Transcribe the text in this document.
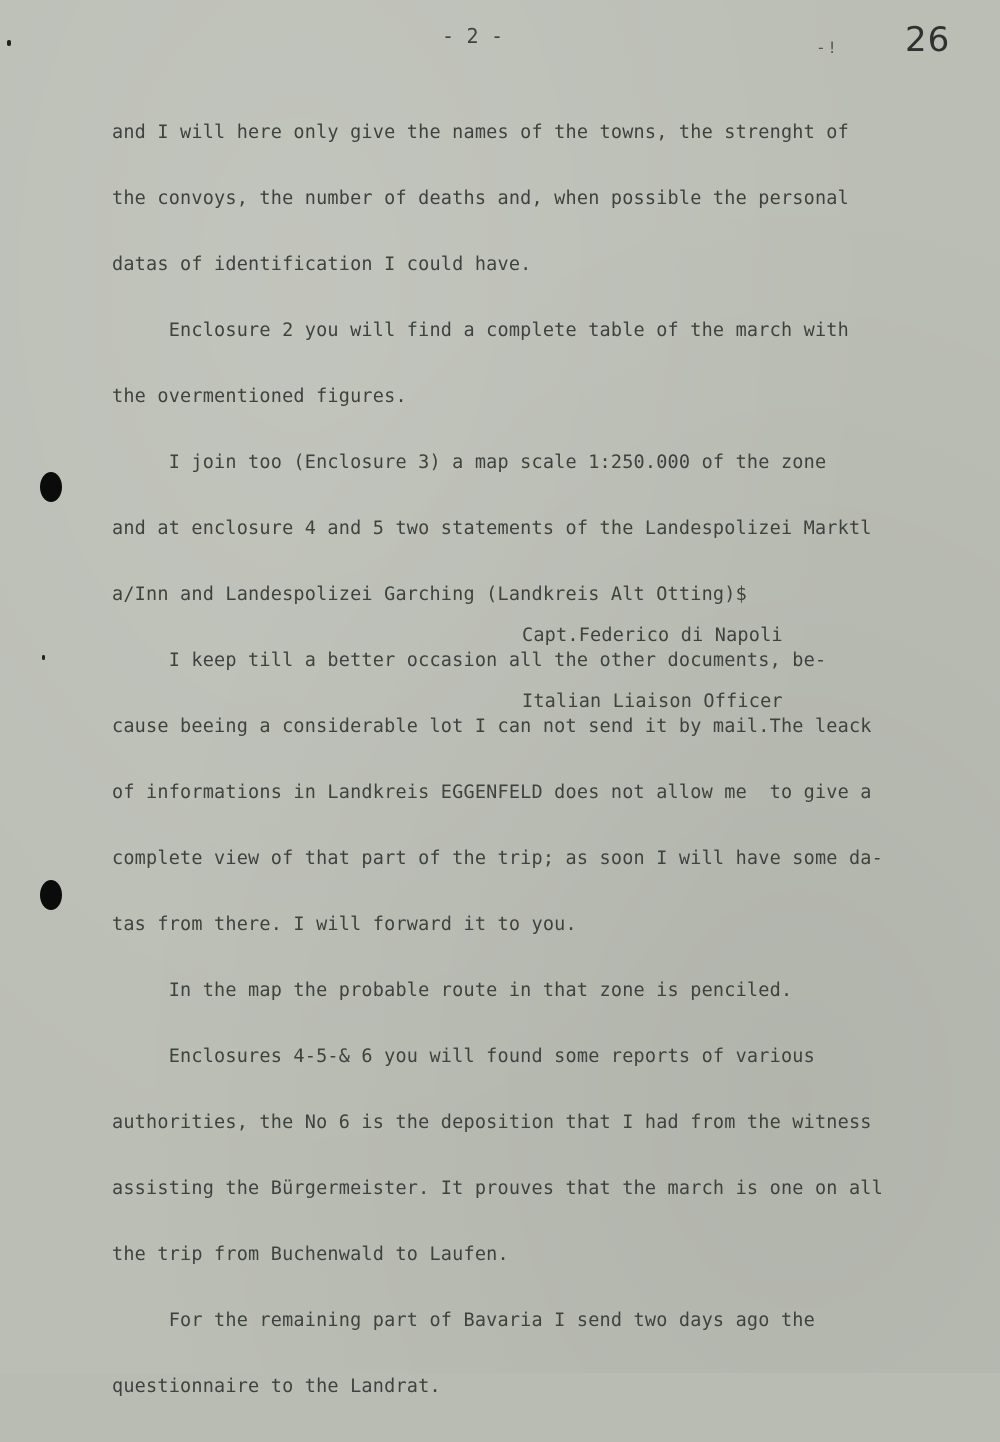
- 2 -	- ! 26

and I will here only give the names of the towns, the strenght of

the convoys, the number of deaths and, when possible the personal

datas of identification I could have.

Enclosure 2 you will find a complete table of the march with

the overmentioned figures.

I join too (Enclosure 3) a map scale 1:250.000 of the zone

and at enclosure 4 and 5 two statements of the Landespolizei Marktl

a/Inn and Landespolizei Garching (Landkreis Alt Otting)$

I keep till a better occasion all the other documents, be-

cause beeing a considerable lot I can not send it by mail.The leack

of informations in Landkreis EGGENFELD does not allow me  to give a

complete view of that part of the trip; as soon I will have some da-

tas from there. I will forward it to you.

In the map the probable route in that zone is penciled.

Enclosures 4-5-& 6 you will found some reports of various

authorities, the No 6 is the deposition that I had from the witness

assisting the Bürgermeister. It prouves that the march is one on all

the trip from Buchenwald to Laufen.

For the remaining part of Bavaria I send two days ago the

questionnaire to the Landrat.

Capt.Federico di Napoli

Italian Liaison Officer
